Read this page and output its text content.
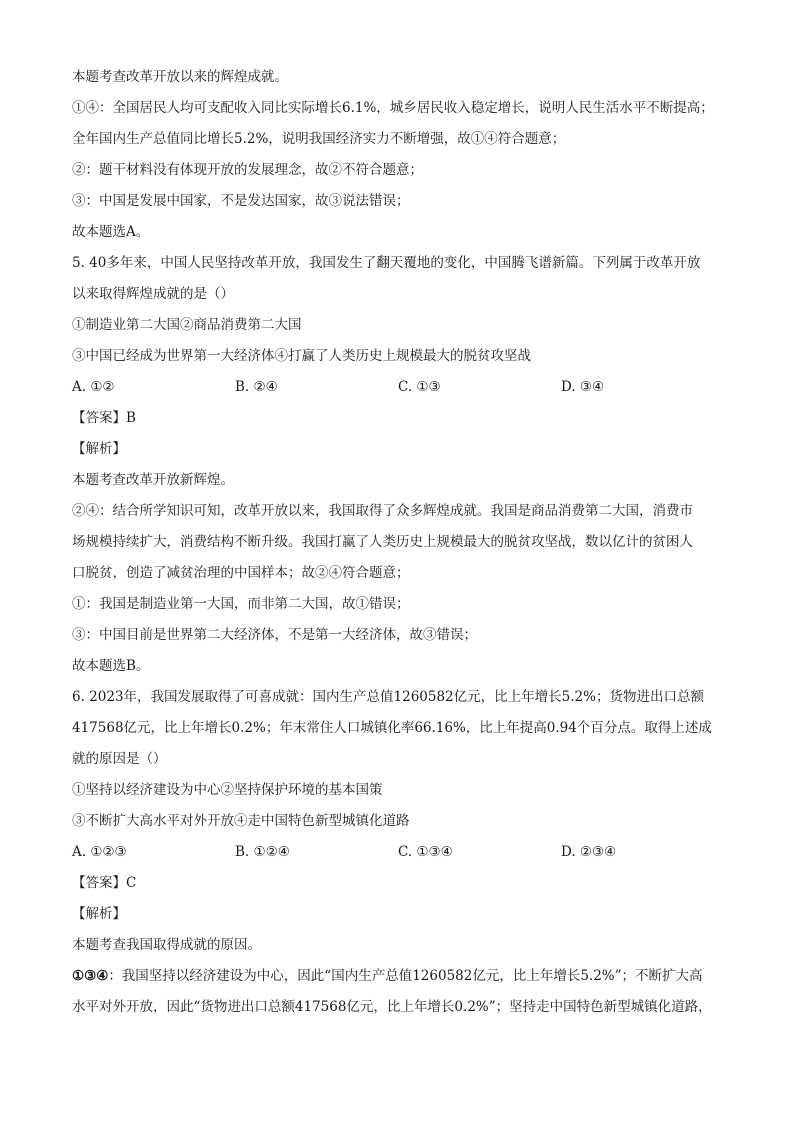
本题考查改革开放以来的辉煌成就。
①④：全国居民人均可支配收入同比实际增长6.1%，城乡居民收入稳定增长，说明人民生活水平不断提高；
全年国内生产总值同比增长5.2%，说明我国经济实力不断增强，故①④符合题意；
②：题干材料没有体现开放的发展理念，故②不符合题意；
③：中国是发展中国家，不是发达国家，故③说法错误；
故本题选A。
5. 40多年来，中国人民坚持改革开放，我国发生了翻天覆地的变化，中国腾飞谱新篇。下列属于改革开放
以来取得辉煌成就的是（）
①制造业第二大国②商品消费第二大国
③中国已经成为世界第一大经济体④打赢了人类历史上规模最大的脱贫攻坚战
A. ①②	B. ②④	C. ①③	D. ③④
【答案】B
【解析】
本题考查改革开放新辉煌。
②④：结合所学知识可知，改革开放以来，我国取得了众多辉煌成就。我国是商品消费第二大国，消费市
场规模持续扩大，消费结构不断升级。我国打赢了人类历史上规模最大的脱贫攻坚战，数以亿计的贫困人
口脱贫，创造了减贫治理的中国样本；故②④符合题意；
①：我国是制造业第一大国，而非第二大国，故①错误；
③：中国目前是世界第二大经济体，不是第一大经济体，故③错误；
故本题选B。
6. 2023年，我国发展取得了可喜成就：国内生产总值1260582亿元，比上年增长5.2%；货物进出口总额
417568亿元，比上年增长0.2%；年末常住人口城镇化率66.16%，比上年提高0.94个百分点。取得上述成
就的原因是（）
①坚持以经济建设为中心②坚持保护环境的基本国策
③不断扩大高水平对外开放④走中国特色新型城镇化道路
A. ①②③	B. ①②④	C. ①③④	D. ②③④
【答案】C
【解析】
本题考查我国取得成就的原因。
①③④：我国坚持以经济建设为中心，因此“国内生产总值1260582亿元，比上年增长5.2%”；不断扩大高
水平对外开放，因此“货物进出口总额417568亿元，比上年增长0.2%”；坚持走中国特色新型城镇化道路，
